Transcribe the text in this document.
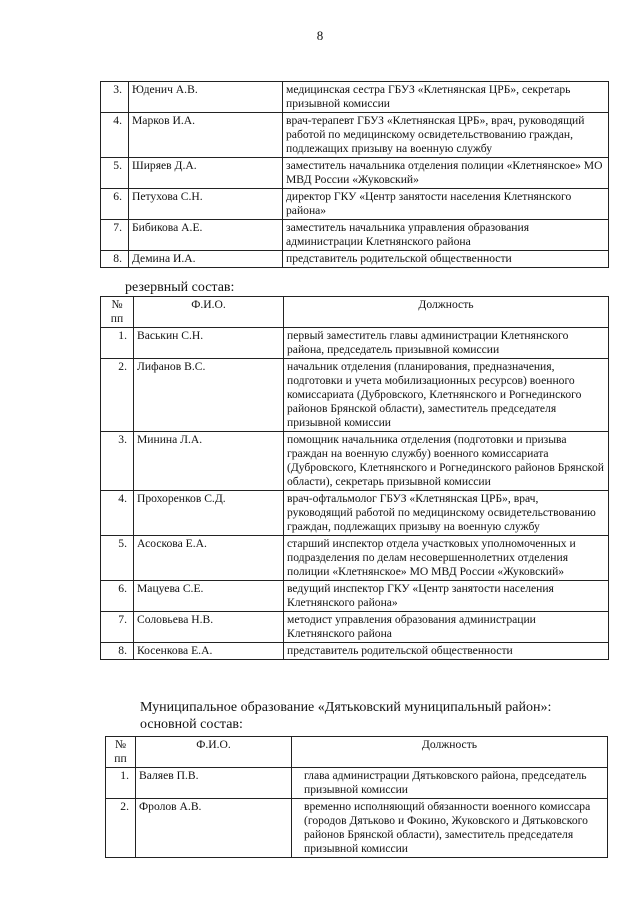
8
3.	Юденич А.В.	медицинская сестра ГБУЗ «Клетнянская ЦРБ», секретарь призывной комиссии
4.	Марков И.А.	врач-терапевт ГБУЗ «Клетнянская ЦРБ», врач, руководящий работой по медицинскому освидетельствованию граждан, подлежащих призыву на военную службу
5.	Ширяев Д.А.	заместитель начальника отделения полиции «Клетнянское» МО МВД России «Жуковский»
6.	Петухова С.Н.	директор ГКУ «Центр занятости населения Клетнянского района»
7.	Бибикова А.Е.	заместитель начальника управления образования администрации Клетнянского района
8.	Демина И.А.	представитель родительской общественности
резервный состав:
№ пп	Ф.И.О.	Должность
1.	Васькин С.Н.	первый заместитель главы администрации Клетнянского района, председатель призывной комиссии
2.	Лифанов В.С.	начальник отделения (планирования, предназначения, подготовки и учета мобилизационных ресурсов) военного комиссариата (Дубровского, Клетнянского и Рогнединского районов Брянской области), заместитель председателя призывной комиссии
3.	Минина Л.А.	помощник начальника отделения (подготовки и призыва граждан на военную службу) военного комиссариата (Дубровского, Клетнянского и Рогнединского районов Брянской области), секретарь призывной комиссии
4.	Прохоренков С.Д.	врач-офтальмолог ГБУЗ «Клетнянская ЦРБ», врач, руководящий работой по медицинскому освидетельствованию граждан, подлежащих призыву на военную службу
5.	Асоскова Е.А.	старший инспектор отдела участковых уполномоченных и подразделения по делам несовершеннолетних отделения полиции «Клетнянское» МО МВД России «Жуковский»
6.	Мацуева С.Е.	ведущий инспектор ГКУ «Центр занятости населения Клетнянского района»
7.	Соловьева Н.В.	методист управления образования администрации Клетнянского района
8.	Косенкова Е.А.	представитель родительской общественности
Муниципальное образование «Дятьковский муниципальный район»:
основной состав:
№ пп	Ф.И.О.	Должность
1.	Валяев П.В.	глава администрации Дятьковского района, председатель призывной комиссии
2.	Фролов А.В.	временно исполняющий обязанности военного комиссара (городов Дятьково и Фокино, Жуковского и Дятьковского районов Брянской области), заместитель председателя призывной комиссии
